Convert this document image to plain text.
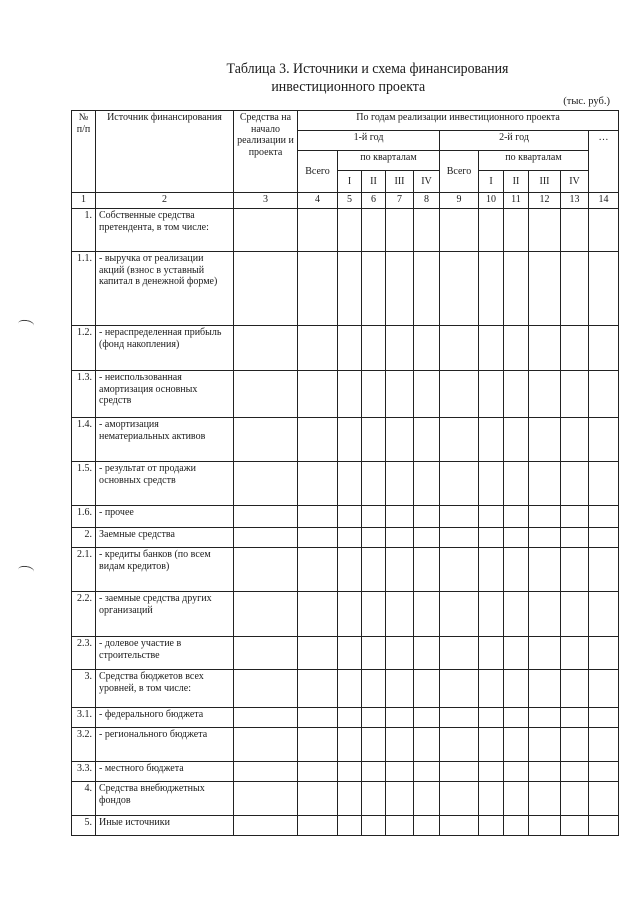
Таблица 3. Источники и схема финансирования
инвестиционного проекта
(тыс. руб.)
№ п/п	Источник финансирования	Средства на начало реализации и проекта	По годам реализации инвестиционного проекта										
			1-й год					2-й год					…
			Всего	по кварталам				Всего	по кварталам				
				I	II	III	IV		I	II	III	IV	
1	2	3	4	5	6	7	8	9	10	11	12	13	14
1.	Собственные средства претендента, в том числе:												
1.1.	- выручка от реализации акций (взнос в уставный капитал в денежной форме)												
1.2.	- нераспределенная прибыль (фонд накопления)												
1.3.	- неиспользованная амортизация основных средств												
1.4.	- амортизация нематериальных активов												
1.5.	- результат от продажи основных средств												
1.6.	- прочее												
2.	Заемные средства												
2.1.	- кредиты банков (по всем видам кредитов)												
2.2.	- заемные средства других организаций												
2.3.	- долевое участие в строительстве												
3.	Средства бюджетов всех уровней, в том числе:												
3.1.	- федерального бюджета												
3.2.	- регионального бюджета												
3.3.	- местного бюджета												
4.	Средства внебюджетных фондов												
5.	Иные источники												
